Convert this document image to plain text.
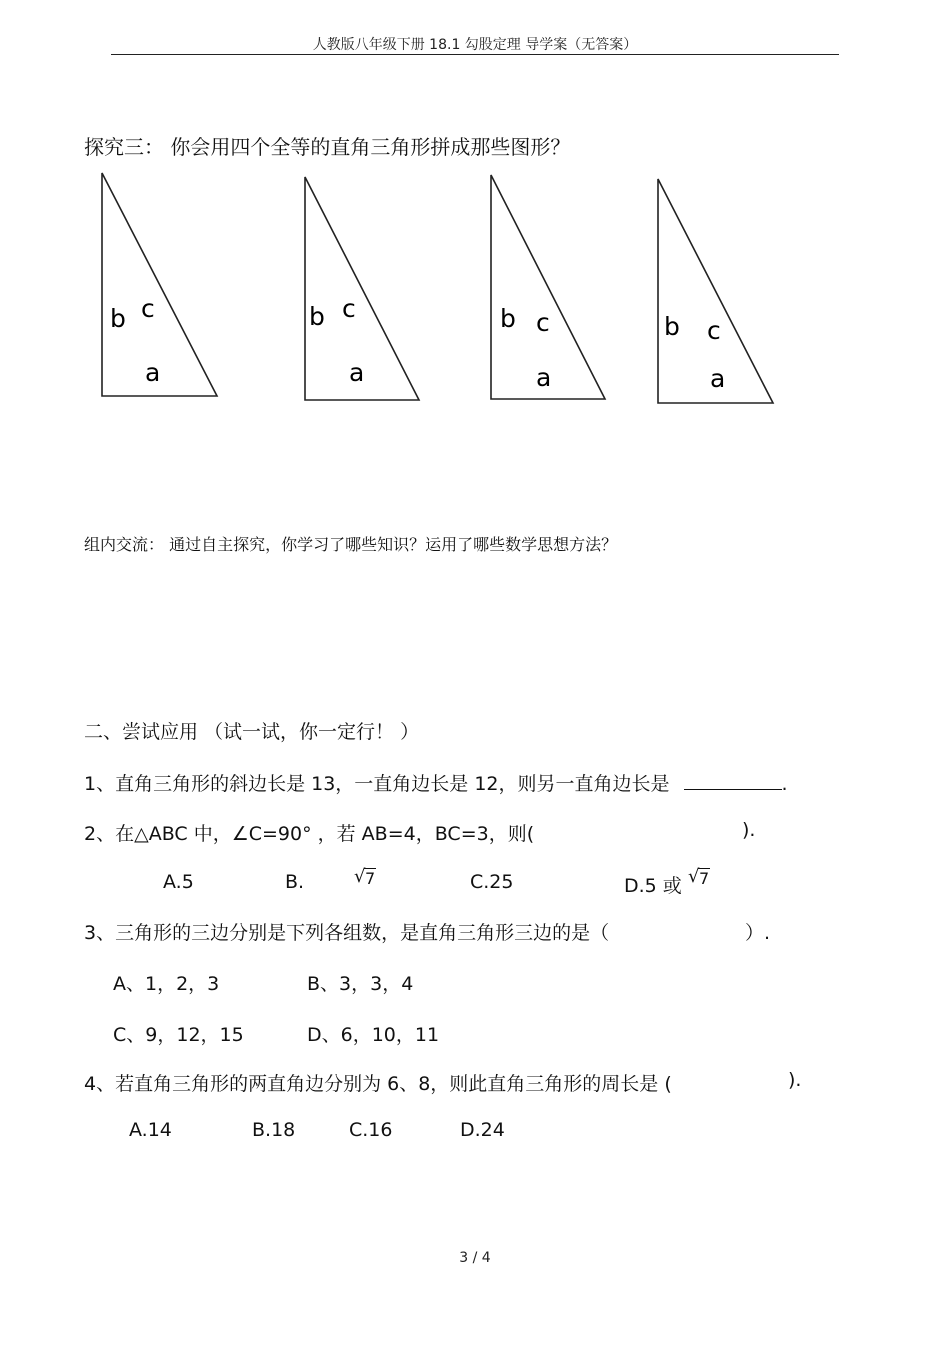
人教版八年级下册 18.1 勾股定理 导学案（无答案）
探究三： 你会用四个全等的直角三角形拼成那些图形？
b c
a
b c
a
b c
a
b c
a
组内交流： 通过自主探究，你学习了哪些知识？运用了哪些数学思想方法？
二、尝试应用 （试一试，你一定行！ ）
1、直角三角形的斜边长是 13，一直角边长是 12，则另一直角边长是	.
2、在△ABC 中，∠C=90° ，若 AB=4，BC=3，则(	).
A.5	B.	√ 7	C.25	D.5 或 √ 7
3、三角形的三边分别是下列各组数，是直角三角形三边的是（	）.
A、1，2，3	B、3，3，4
C、9，12，15	D、6，10，11
4、若直角三角形的两直角边分别为 6、8，则此直角三角形的周长是 (	).
A.14	B.18	C.16	D.24
3 / 4
